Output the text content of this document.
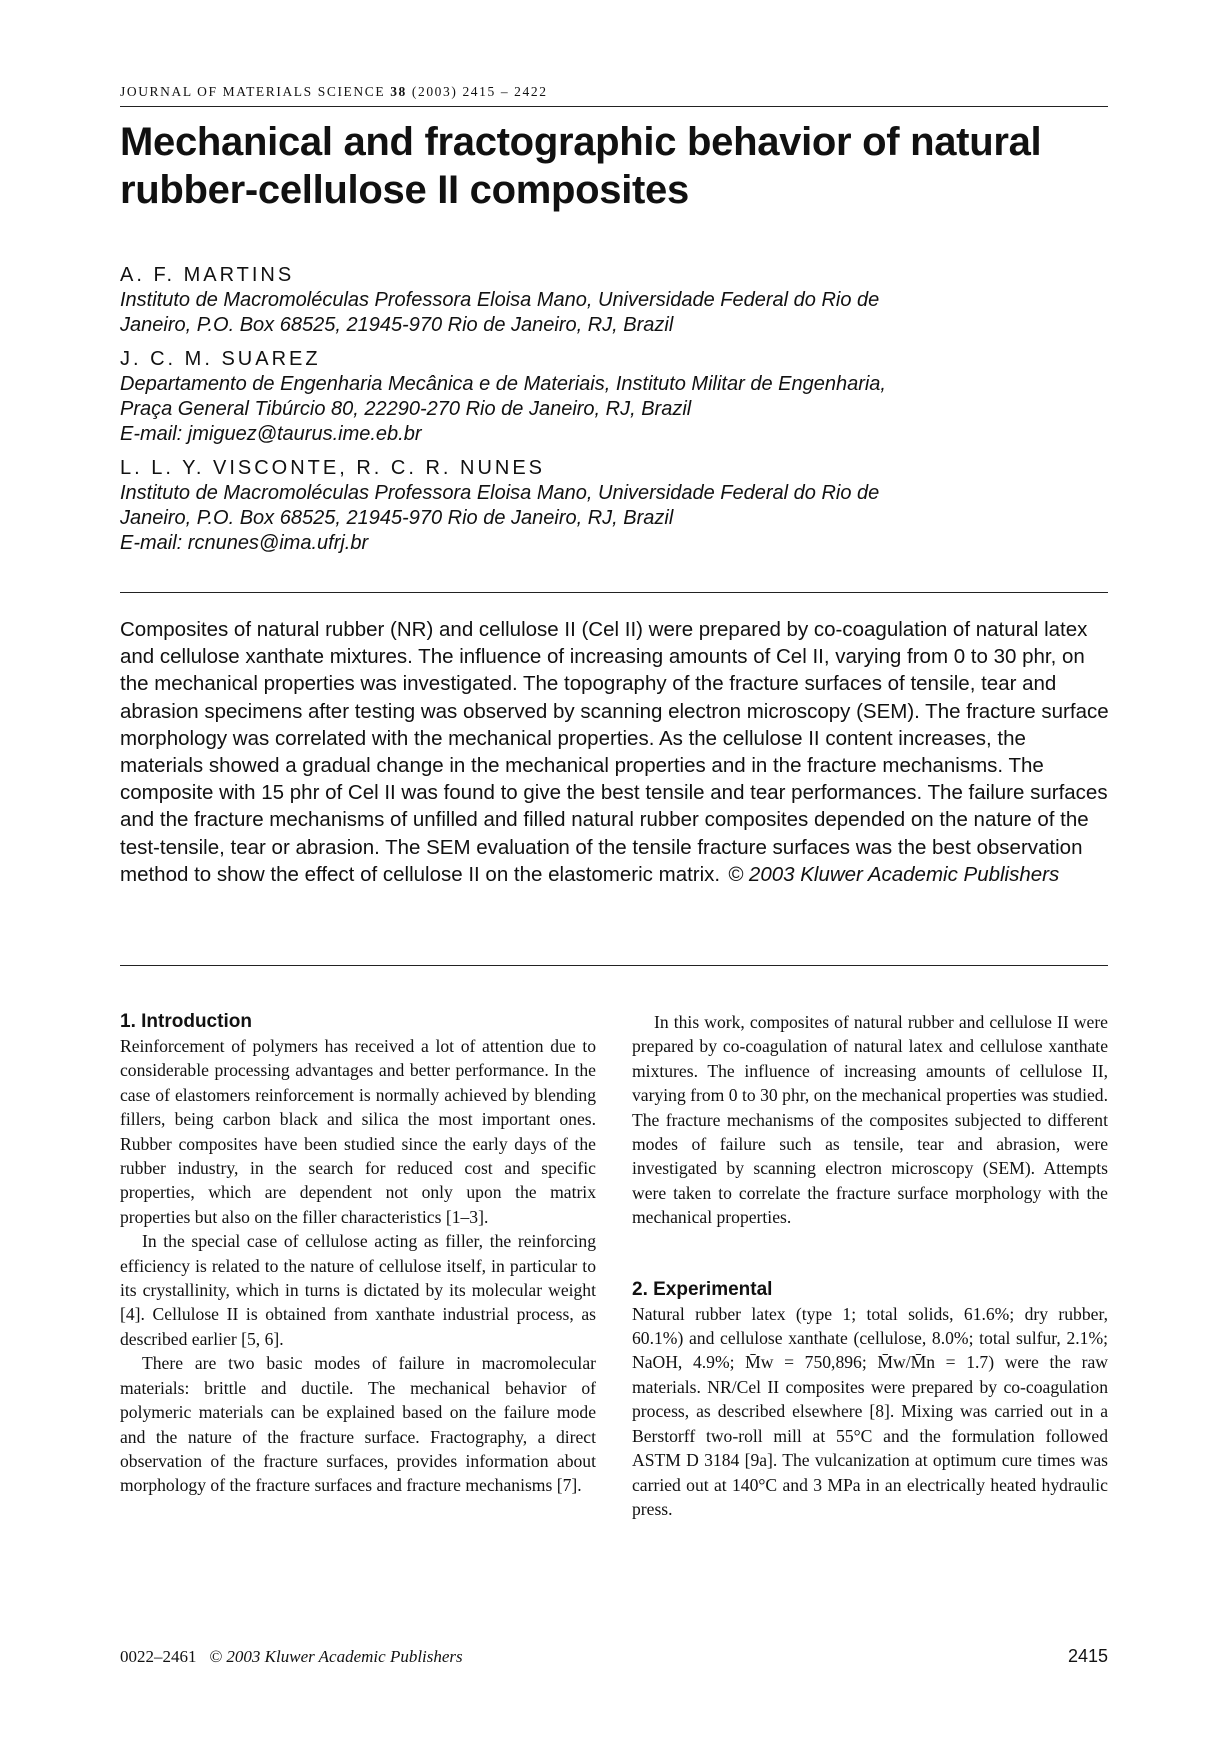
JOURNAL OF MATERIALS SCIENCE 38 (2003) 2415 – 2422
Mechanical and fractographic behavior of natural
rubber-cellulose II composites
A. F. MARTINS
Instituto de Macromoléculas Professora Eloisa Mano, Universidade Federal do Rio de
Janeiro, P.O. Box 68525, 21945-970 Rio de Janeiro, RJ, Brazil
J. C. M. SUAREZ
Departamento de Engenharia Mecânica e de Materiais, Instituto Militar de Engenharia,
Praça General Tibúrcio 80, 22290-270 Rio de Janeiro, RJ, Brazil
E-mail: jmiguez@taurus.ime.eb.br
L. L. Y. VISCONTE, R. C. R. NUNES
Instituto de Macromoléculas Professora Eloisa Mano, Universidade Federal do Rio de
Janeiro, P.O. Box 68525, 21945-970 Rio de Janeiro, RJ, Brazil
E-mail: rcnunes@ima.ufrj.br

Composites of natural rubber (NR) and cellulose II (Cel II) were prepared by co-coagulation of natural latex and cellulose xanthate mixtures. The influence of increasing amounts of Cel II, varying from 0 to 30 phr, on the mechanical properties was investigated. The topography of the fracture surfaces of tensile, tear and abrasion specimens after testing was observed by scanning electron microscopy (SEM). The fracture surface morphology was correlated with the mechanical properties. As the cellulose II content increases, the materials showed a gradual change in the mechanical properties and in the fracture mechanisms. The composite with 15 phr of Cel II was found to give the best tensile and tear performances. The failure surfaces and the fracture mechanisms of unfilled and filled natural rubber composites depended on the nature of the test-tensile, tear or abrasion. The SEM evaluation of the tensile fracture surfaces was the best observation method to show the effect of cellulose II on the elastomeric matrix. © 2003 Kluwer Academic Publishers

1. Introduction

Reinforcement of polymers has received a lot of attention due to considerable processing advantages and better performance. In the case of elastomers reinforcement is normally achieved by blending fillers, being carbon black and silica the most important ones. Rubber composites have been studied since the early days of the rubber industry, in the search for reduced cost and specific properties, which are dependent not only upon the matrix properties but also on the filler characteristics [1–3].

In the special case of cellulose acting as filler, the reinforcing efficiency is related to the nature of cellulose itself, in particular to its crystallinity, which in turns is dictated by its molecular weight [4]. Cellulose II is obtained from xanthate industrial process, as described earlier [5, 6].

There are two basic modes of failure in macromolecular materials: brittle and ductile. The mechanical behavior of polymeric materials can be explained based on the failure mode and the nature of the fracture surface. Fractography, a direct observation of the fracture surfaces, provides information about morphology of the fracture surfaces and fracture mechanisms [7].

In this work, composites of natural rubber and cellulose II were prepared by co-coagulation of natural latex and cellulose xanthate mixtures. The influence of increasing amounts of cellulose II, varying from 0 to 30 phr, on the mechanical properties was studied. The fracture mechanisms of the composites subjected to different modes of failure such as tensile, tear and abrasion, were investigated by scanning electron microscopy (SEM). Attempts were taken to correlate the fracture surface morphology with the mechanical properties.

2. Experimental

Natural rubber latex (type 1; total solids, 61.6%; dry rubber, 60.1%) and cellulose xanthate (cellulose, 8.0%; total sulfur, 2.1%; NaOH, 4.9%; M̄w = 750,896; M̄w/M̄n = 1.7) were the raw materials. NR/Cel II composites were prepared by co-coagulation process, as described elsewhere [8]. Mixing was carried out in a Berstorff two-roll mill at 55°C and the formulation followed ASTM D 3184 [9a]. The vulcanization at optimum cure times was carried out at 140°C and 3 MPa in an electrically heated hydraulic press.

0022–2461 © 2003 Kluwer Academic Publishers	2415
